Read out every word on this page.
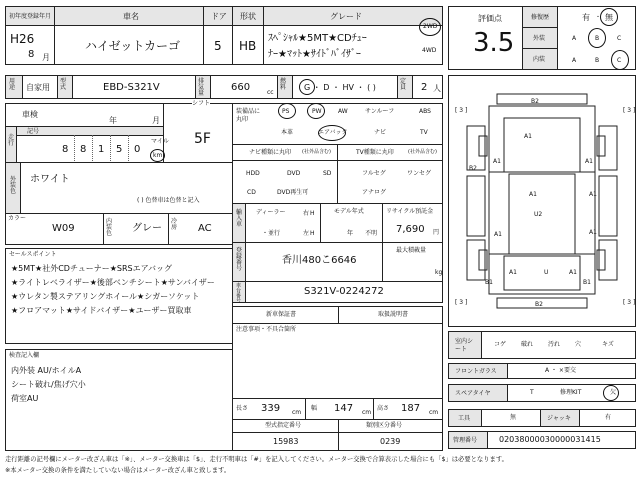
初年度登録年月
H26
8 月
車名
ハイゼットカーゴ
ドア
5
形状
HB
グレード
ｽﾍﾟｼｬﾙ★5MT★CDﾁｭｰ
ﾅｰ★ﾏｯﾄ★ｻｲﾄﾞﾊﾞｲｻﾞｰ
2WD
4WD
用途	自家用
型式	EBD-S321V
排気量
660	cc
燃料	G ・ D ・ HV ・ ( )
定員	2 人
車検
年	月
シフト
5F
走行
記号
8 8 1 5 0
マイル
km
外装色
ホワイト
( ) 色替車は色替と記入
カラー
W09
内装色	グレー
冷房	AC
セールスポイント
★5MT★社外CDチューナー★SRSエアバッグ
★ライトレベライザー★後部ベンチシート★サンバイザー
★ウレタン製ステアリングホイール★シガーソケット
★フロアマット★サイドバイザー★ユーザー買取車
検査記入欄
内外装 AU/ホイルA
シート破れ/焦げ穴小
荷室AU
装備品に丸印
ナビ種類に丸印 (社外品含む)	TV種類に丸印	(社外品含む)
輸入車
ディーラー
・並行
右 H
左 H
モデル年式
年 不明
リサイクル預託金
7,690 円
登録番号
香川480こ6646
最大積載量
kg
車台番号
S321V-0224272
新車保証書	取扱説明書
注意事項・不具合箇所
長さ 339 cm
幅 147 cm
高さ 187 cm
型式指定番号
15983
類別区分番号
0239
評価点
3.5
修復歴	有 ・ 無
外装	A	B	C
内装	A	B	C
B2
A1
A1	A1
B2
A1	A1
U2
A1	A1
B1	B1
A1	U	A1
B2
[ 3 ]	[ 3 ]
[ 3 ]	[ 3 ]
室内シート
フロントガラス	A ・ ×要交
スペアタイヤ	T	修理KIT	欠
工具	無	ジャッキ	有
管理番号	02038000030000031415
走行距離の記号欄にメーター改ざん車は「※」、メーター交換車は「$」、走行不明車は「#」を記入してください。メーター交換で合算表示した場合にも「$」は必要となります。
※本メーター交換の条件を満たしていない場合はメーター改ざん車と致します。
PS	PW	AW	サンルーフ	ABS
本革	エアバック	ナビ	TV
HDD	DVD	SD
CD	DVD再生可
フルセグ	ワンセグ
アナログ
コゲ 破れ 汚れ 穴	キズ
